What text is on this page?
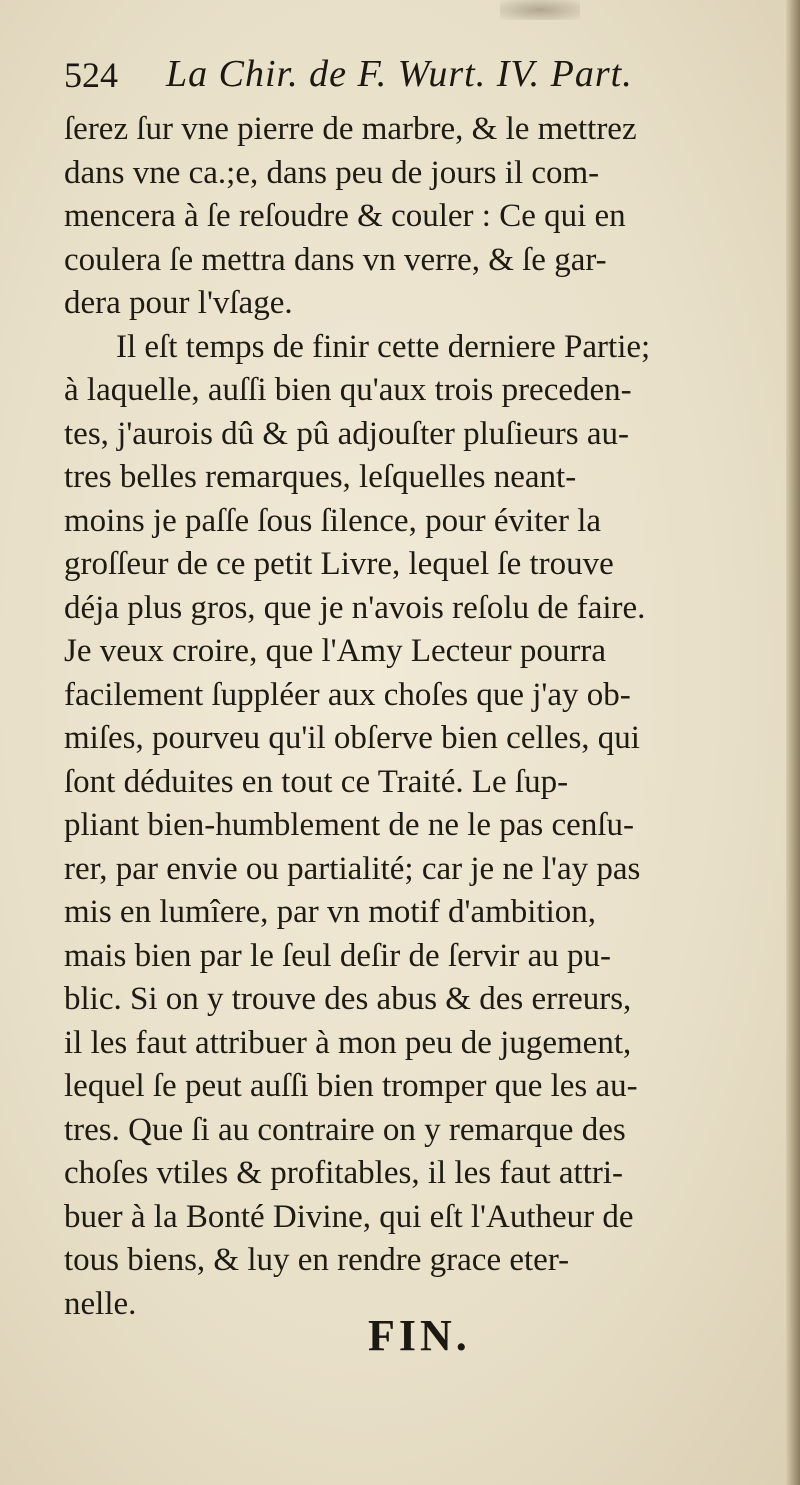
524 La Chir. de F. Wurt. IV. Part.
ſerez ſur vne pierre de marbre, & le mettrez
dans vne ca.;e, dans peu de jours il com-
mencera à ſe reſoudre & couler : Ce qui en
coulera ſe mettra dans vn verre, & ſe gar-
dera pour l'vſage.
Il eſt temps de finir cette derniere Partie;
à laquelle, auſſi bien qu'aux trois preceden-
tes, j'aurois dû & pû adjouſter pluſieurs au-
tres belles remarques, leſquelles neant-
moins je paſſe ſous ſilence, pour éviter la
groſſeur de ce petit Livre, lequel ſe trouve
déja plus gros, que je n'avois reſolu de faire.
Je veux croire, que l'Amy Lecteur pourra
facilement ſuppléer aux choſes que j'ay ob-
miſes, pourveu qu'il obſerve bien celles, qui
ſont déduites en tout ce Traité. Le ſup-
pliant bien-humblement de ne le pas cenſu-
rer, par envie ou partialité; car je ne l'ay pas
mis en lumîere, par vn motif d'ambition,
mais bien par le ſeul deſir de ſervir au pu-
blic. Si on y trouve des abus & des erreurs,
il les faut attribuer à mon peu de jugement,
lequel ſe peut auſſi bien tromper que les au-
tres. Que ſi au contraire on y remarque des
choſes vtiles & profitables, il les faut attri-
buer à la Bonté Divine, qui eſt l'Autheur de
tous biens, & luy en rendre grace eter-
nelle.
FIN.
